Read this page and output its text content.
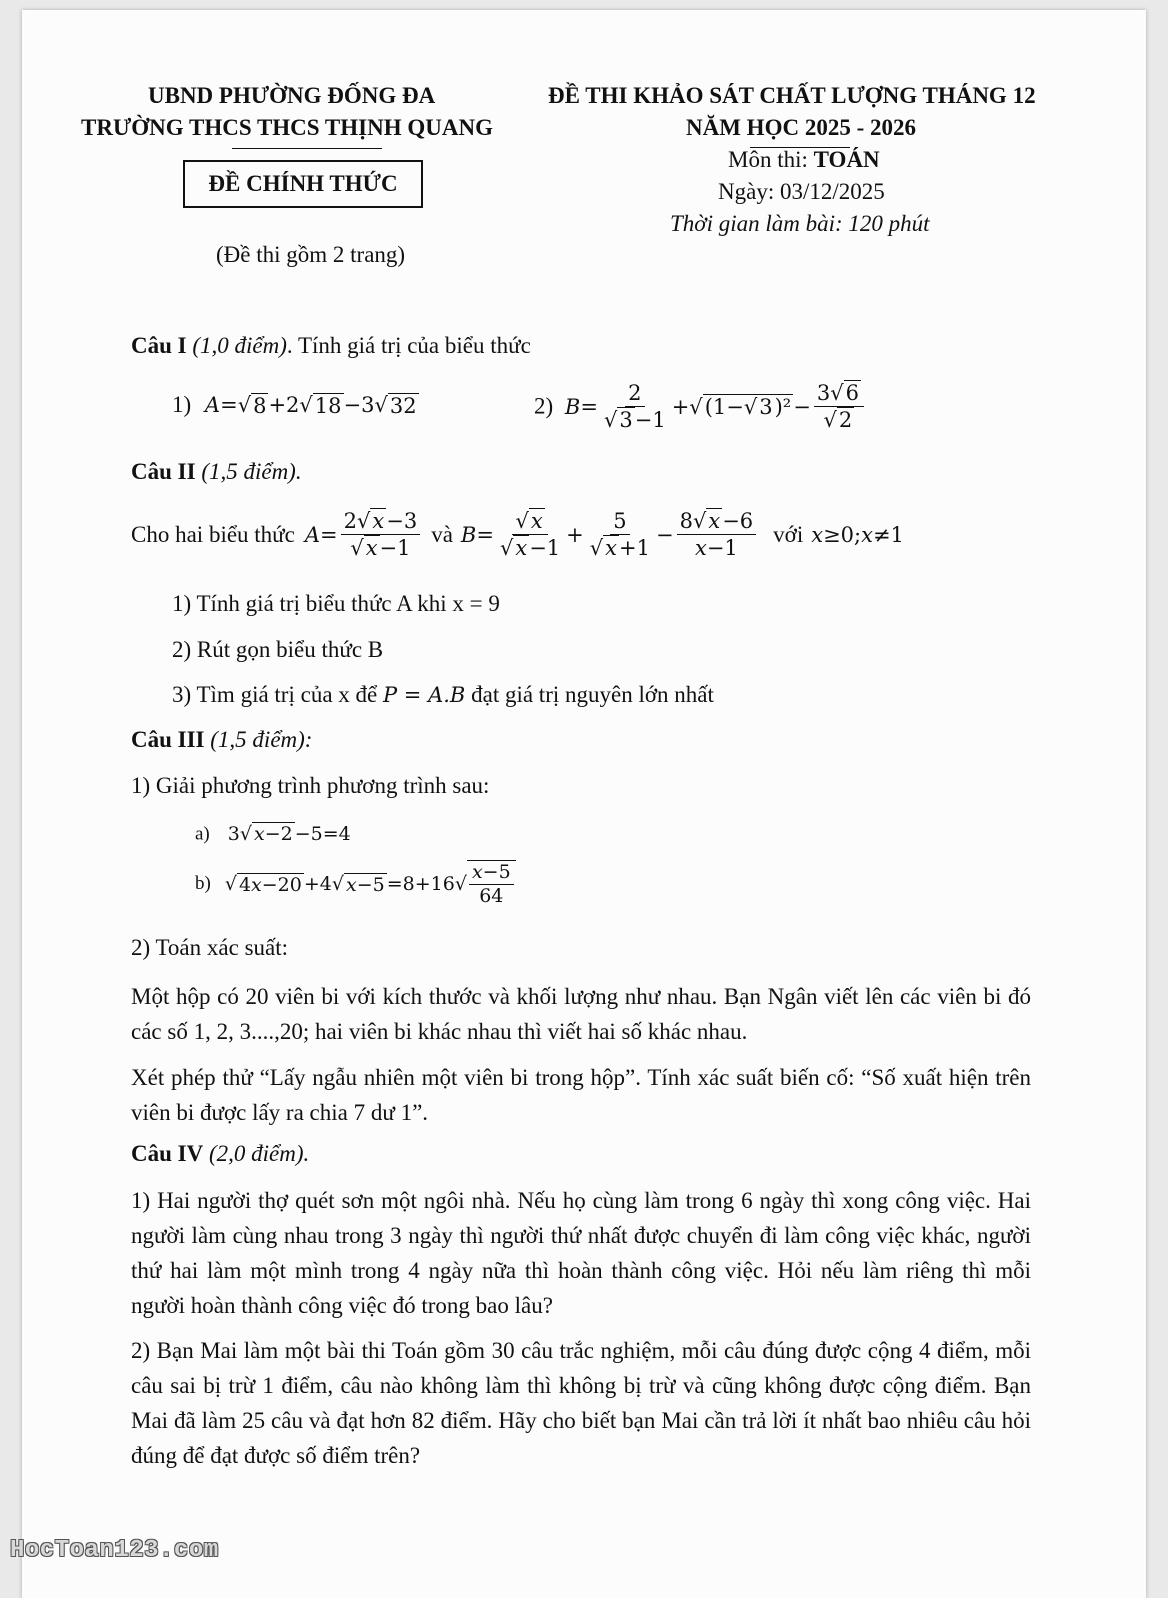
UBND PHƯỜNG ĐỐNG ĐA
TRƯỜNG THCS THCS THỊNH QUANG
ĐỀ CHÍNH THỨC
(Đề thi gồm 2 trang)
ĐỀ THI KHẢO SÁT CHẤT LƯỢNG THÁNG 12
NĂM HỌC 2025 - 2026
Môn thi: TOÁN
Ngày: 03/12/2025
Thời gian làm bài: 120 phút
Câu I (1,0 điểm). Tính giá trị của biểu thức
1) A =√ 8 +2√ 18 −3√ 32	2) $B = \frac{2}{√3-1}$ +√ $(1-√3)^2 - \frac{3√6}{√2}$
Câu II (1,5 điểm).
Cho hai biểu thức $A = \frac{2√x-3}{√x-1}$ và $B = \frac{√x}{√x-1} + \frac{5}{√x+1} - \frac{8√x-6}{x-1}$ với x ≥0; x ≠1
1) Tính giá trị biểu thức A khi x = 9
2) Rút gọn biểu thức B
3) Tìm giá trị của x để P = A.B đạt giá trị nguyên lớn nhất
Câu III (1,5 điểm):
1) Giải phương trình phương trình sau:
a) 3√ x−2 −5=4
b) √ 4x−20 +4√ $x-5 =8+16√ \frac{x-5}{64}$
2) Toán xác suất:
Một hộp có 20 viên bi với kích thước và khối lượng như nhau. Bạn Ngân viết lên các viên bi đó các số 1, 2, 3....,20; hai viên bi khác nhau thì viết hai số khác nhau.
Xét phép thử “Lấy ngẫu nhiên một viên bi trong hộp”. Tính xác suất biến cố: “Số xuất hiện trên viên bi được lấy ra chia 7 dư 1”.
Câu IV (2,0 điểm).
1) Hai người thợ quét sơn một ngôi nhà. Nếu họ cùng làm trong 6 ngày thì xong công việc. Hai người làm cùng nhau trong 3 ngày thì người thứ nhất được chuyển đi làm công việc khác, người thứ hai làm một mình trong 4 ngày nữa thì hoàn thành công việc. Hỏi nếu làm riêng thì mỗi người hoàn thành công việc đó trong bao lâu?
2) Bạn Mai làm một bài thi Toán gồm 30 câu trắc nghiệm, mỗi câu đúng được cộng 4 điểm, mỗi câu sai bị trừ 1 điểm, câu nào không làm thì không bị trừ và cũng không được cộng điểm. Bạn Mai đã làm 25 câu và đạt hơn 82 điểm. Hãy cho biết bạn Mai cần trả lời ít nhất bao nhiêu câu hỏi đúng để đạt được số điểm trên?
HocToan123.com
